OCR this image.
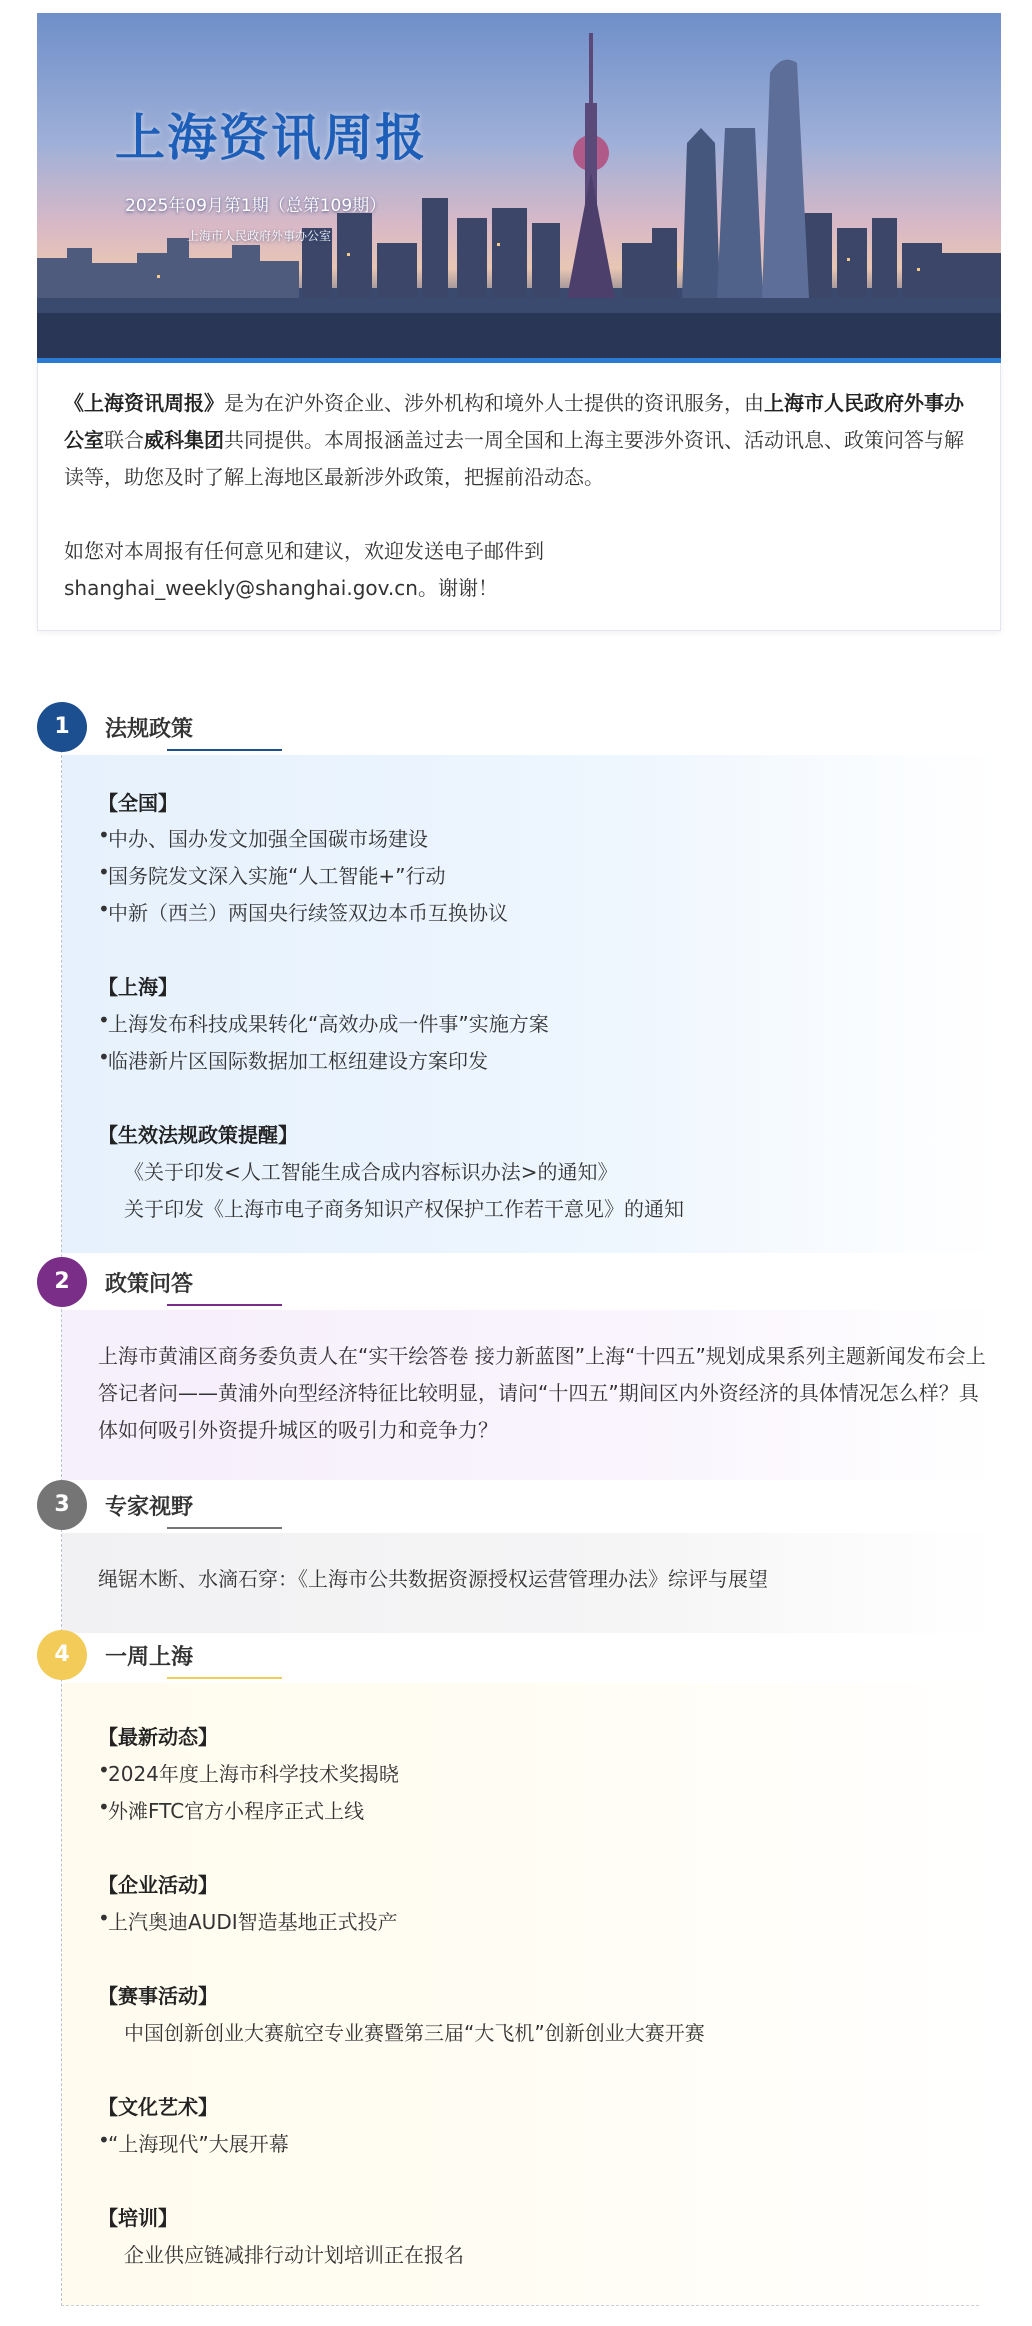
上海资讯周报
2025年09月第1期（总第109期）
上海市人民政府外事办公室

《上海资讯周报》是为在沪外资企业、涉外机构和境外人士提供的资讯服务，由上海市人民政府外事办公室联合威科集团共同提供。本周报涵盖过去一周全国和上海主要涉外资讯、活动讯息、政策问答与解读等，助您及时了解上海地区最新涉外政策，把握前沿动态。

如您对本周报有任何意见和建议，欢迎发送电子邮件到

shanghai_weekly@shanghai.gov.cn。谢谢！

1	法规政策
【全国】
• 中办、国办发文加强全国碳市场建设
• 国务院发文深入实施“人工智能+”行动
• 中新（西兰）两国央行续签双边本币互换协议
【上海】
• 上海发布科技成果转化“高效办成一件事”实施方案
• 临港新片区国际数据加工枢纽建设方案印发
【生效法规政策提醒】
《关于印发<人工智能生成合成内容标识办法>的通知》
关于印发《上海市电子商务知识产权保护工作若干意见》的通知
2	政策问答
上海市黄浦区商务委负责人在“实干绘答卷 接力新蓝图”上海“十四五”规划成果系列主题新闻发布会上答记者问——黄浦外向型经济特征比较明显，请问“十四五”期间区内外资经济的具体情况怎么样？具体如何吸引外资提升城区的吸引力和竞争力？
3	专家视野
绳锯木断、水滴石穿：《上海市公共数据资源授权运营管理办法》综评与展望
4	一周上海
【最新动态】
• 2024年度上海市科学技术奖揭晓
• 外滩FTC官方小程序正式上线
【企业活动】
• 上汽奥迪AUDI智造基地正式投产
【赛事活动】
中国创新创业大赛航空专业赛暨第三届“大飞机”创新创业大赛开赛
【文化艺术】
• “上海现代”大展开幕
【培训】
企业供应链减排行动计划培训正在报名
